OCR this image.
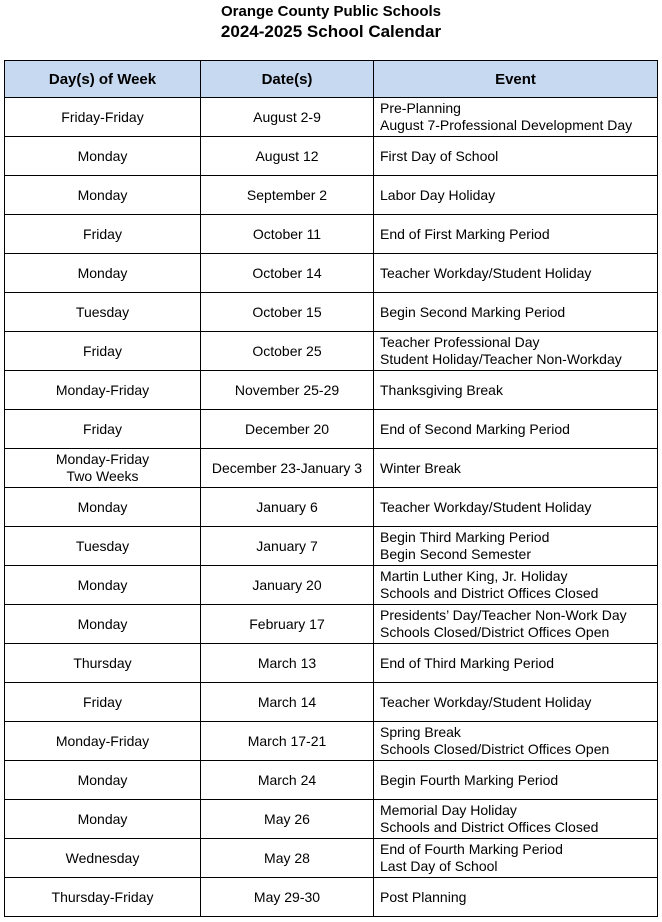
Orange County Public Schools
2024-2025 School Calendar
Day(s) of Week	Date(s)	Event

Friday-Friday	August 2-9	Pre-Planning
August 7-Professional Development Day

Monday	August 12	First Day of School

Monday	September 2	Labor Day Holiday

Friday	October 11	End of First Marking Period

Monday	October 14	Teacher Workday/Student Holiday

Tuesday	October 15	Begin Second Marking Period

Friday	October 25	Teacher Professional Day
Student Holiday/Teacher Non-Workday

Monday-Friday	November 25-29	Thanksgiving Break

Friday	December 20	End of Second Marking Period

Monday-Friday
Two Weeks	December 23-January 3	Winter Break

Monday	January 6	Teacher Workday/Student Holiday

Tuesday	January 7	Begin Third Marking Period
Begin Second Semester

Monday	January 20	Martin Luther King, Jr. Holiday
Schools and District Offices Closed

Monday	February 17	Presidents’ Day/Teacher Non-Work Day
Schools Closed/District Offices Open

Thursday	March 13	End of Third Marking Period

Friday	March 14	Teacher Workday/Student Holiday

Monday-Friday	March 17-21	Spring Break
Schools Closed/District Offices Open

Monday	March 24	Begin Fourth Marking Period

Monday	May 26	Memorial Day Holiday
Schools and District Offices Closed

Wednesday	May 28	End of Fourth Marking Period
Last Day of School

Thursday-Friday	May 29-30	Post Planning
